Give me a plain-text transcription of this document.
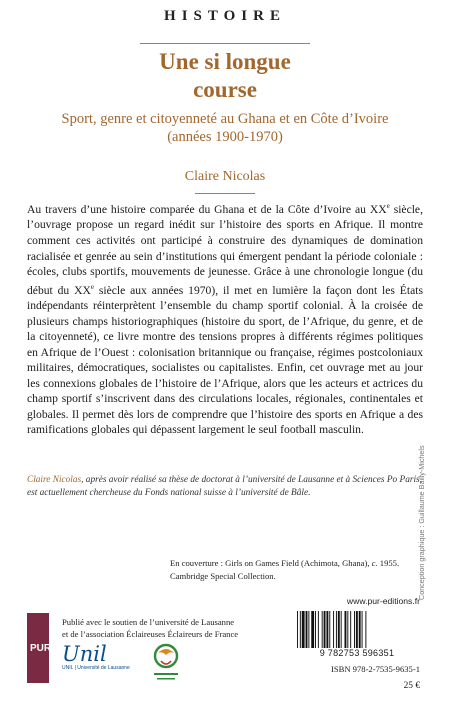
HISTOIRE
Une si longue
course
Sport, genre et citoyenneté au Ghana et en Côte d’Ivoire
(années 1900-1970)
Claire Nicolas
Au travers d’une histoire comparée du Ghana et de la Côte d’Ivoire au XXe siècle, l’ouvrage propose un regard inédit sur l’histoire des sports en Afrique. Il montre comment ces activités ont participé à construire des dynamiques de domination racialisée et genrée au sein d’institutions qui émergent pendant la période coloniale : écoles, clubs sportifs, mouvements de jeunesse. Grâce à une chronologie longue (du début du XXe siècle aux années 1970), il met en lumière la façon dont les États indépendants réinterprètent l’ensemble du champ sportif colonial. À la croisée de plusieurs champs historiographiques (histoire du sport, de l’Afrique, du genre, et de la citoyenneté), ce livre montre des tensions propres à différents régimes politiques en Afrique de l’Ouest : colonisation britannique ou française, régimes postcoloniaux militaires, démocratiques, socialistes ou capitalistes. Enfin, cet ouvrage met au jour les connexions globales de l’histoire de l’Afrique, alors que les acteurs et actrices du champ sportif s’inscrivent dans des circulations locales, régionales, continentales et globales. Il permet dès lors de comprendre que l’histoire des sports en Afrique a des ramifications globales qui dépassent largement le seul football masculin.
Claire Nicolas, après avoir réalisé sa thèse de doctorat à l’université de Lausanne et à Sciences Po Paris, est actuellement chercheuse du Fonds national suisse à l’université de Bâle.
En couverture : Girls on Games Field (Achimota, Ghana), c. 1955.
Cambridge Special Collection.	Conception graphique : Guillaume Bailly-Michels
www.pur-editions.fr
PUR
Publié avec le soutien de l’université de Lausanne
et de l’association Éclaireuses Éclaireurs de France
Unil
UNIL | Université de Lausanne
9 782753 596351
ISBN 978-2-7535-9635-1
25 €
